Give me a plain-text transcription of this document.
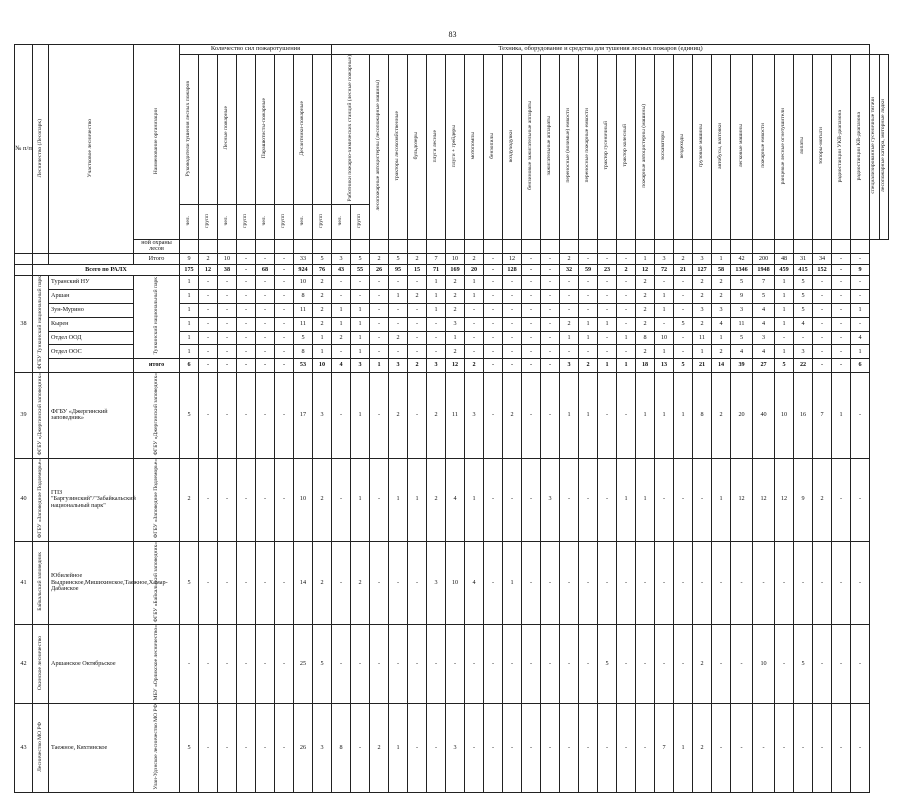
83
№ п/п	Лесничество (Лесопарк)	Участковое лесничество	Наименование организации	Количество сил пожаротушения								Техника, оборудование и средства для тушения лесных пожаров (единиц)																													
				Руководители тушения лесных пожаров		Лесные пожарные		Парашютисты-пожарные		Десантники-пожарные		Работники пожарно-химических станций (лесные пожарные)		лесопожарные автоцистерны (лесопожарные машины)	тракторы лесохозяйственные	бульдозеры	плуги лесные	плуги + грейдеры	мотопомпы	бензопилы	воздуходувки	бензиновые зажигательные аппараты	зажигательные аппараты	переносные (возимые) емкости	переносные пожарные емкости	трактор гусеничный	трактор колесный	пожарные автоцистерны (машины)	экскаваторы	вездеходы	грузовые машины	автобусы, вахтовки	легковые машины	пожарные емкости	ранцевые лесные огнетушители	лопаты	топоры-мотыги	радиостанции УКВ-диапазона	радиостанции КВ-диапазона	специализированные гусеничные тягачи	лесопожарные катера, моторные лодки
				чел.	групп	чел.	групп	чел.	групп	чел.	групп	чел.	групп																												
			ной охраны лесов																																						
			Итого	9	2	10	-	-	-	33	5	3	5	2	5	2	7	10	2	-	12	-	-	2	-	-	-	1	3	2	3	1	42	200	48	31	34	-	-		
	Всего по РАЛХ			175	12	38	-	68	-	924	76	43	55	26	95	15	71	169	20	-	128	-	-	32	59	23	2	12	72	21	127	58	1346	1948	459	415	152	-	9		
38	ФГБУ Тункинский национальный парк	Туранский НУ	Тункинский национальный парк	1	-	-	-	-	-	10	2	-	-	-	-	-	1	2	1	-	-	-	-	-	-	-	-	2	-	-	2	2	5	7	1	5	-	-	-		
		Аршан		1	-	-	-	-	-	8	2	-	-	-	1	2	1	2	1	-	-	-	-	-	-	-	-	2	1	-	2	2	9	5	1	5	-	-	-		
		Зун-Мурино		1	-	-	-	-	-	11	2	1	1	-	-	-	1	2	-	-	-	-	-	-	-	-	-	2	1	-	3	3	3	4	1	5	-	-	1		
		Кырен		1	-	-	-	-	-	11	2	1	1	-	-	-	-	3	-	-	-	-	-	2	1	1	-	2	-	5	2	4	11	4	1	4	-	-	-		
		Отдел ООД		1	-	-	-	-	-	5	1	2	1	-	2	-	-	1	-	-	-	-	-	1	1	-	1	8	10	-	11	1	5	3	-	-	-	-	4		
		Отдел ООС		1	-	-	-	-	-	8	1	-	1	-	-	-	-	2	-	-	-	-	-	-	-	-	-	2	1	-	1	2	4	4	1	3	-	-	1		
			итого	6	-	-	-	-	-	53	10	4	3	1	3	2	3	12	2	-	-	-	-	3	2	1	1	18	13	5	21	14	39	27	5	22	-	-	6		
39	ФГБУ «Джергинский заповедник»	ФГБУ «Джергинский заповедник»	ФГБУ «Джергинский заповедник»	5	-	-	-	-	-	17	3	-	1	-	2	-	2	11	3	-	2	-	-	1	1	-	-	1	1	1	8	2	20	40	10	16	7	1	-		
40	ФГБУ «Заповедное Подлеморье»	ГПЗ "Баргузинский"/"Забайкальский национальный парк"	ФГБУ «Заповедное Подлеморье»	2	-	-	-	-	-	10	2	-	1	-	1	1	2	4	1	-	-	-	3	-	-	-	1	1	-	-	-	1	12	12	12	9	2	-	-		
41	Байкальский заповедник	Юбилейное Выдринское,Мишихинское,Таежное,Хамар-Дабанское	ФГБУ «Байкальский заповедник»	5	-	-	-	-	-	14	2	-	2	-	-	-	3	10	4	-	1	-	-	-	-	-	-	-	-	-	-	-	-	-	-	-	-	-	-		
42	Окинское лесничество	Аршанское Октябрьское	МБУ «Орликское лесничество»	-	-	-	-	-	-	25	5	-	-	-	-	-	-	-	-	-	-	-	-	-	-	5	-	-	-	-	2	-	-	10	-	5	-	-	-		
43	Лесничество МО РФ	Таежное, Кяхтинское	Улан-Удэнское лесничество МО РФ	5	-	-	-	-	-	26	3	8	-	2	1	-	-	3	-	-	-	-	-	-	-	-	-	-	7	1	2	-	-	-	-	-	-	-	-		
